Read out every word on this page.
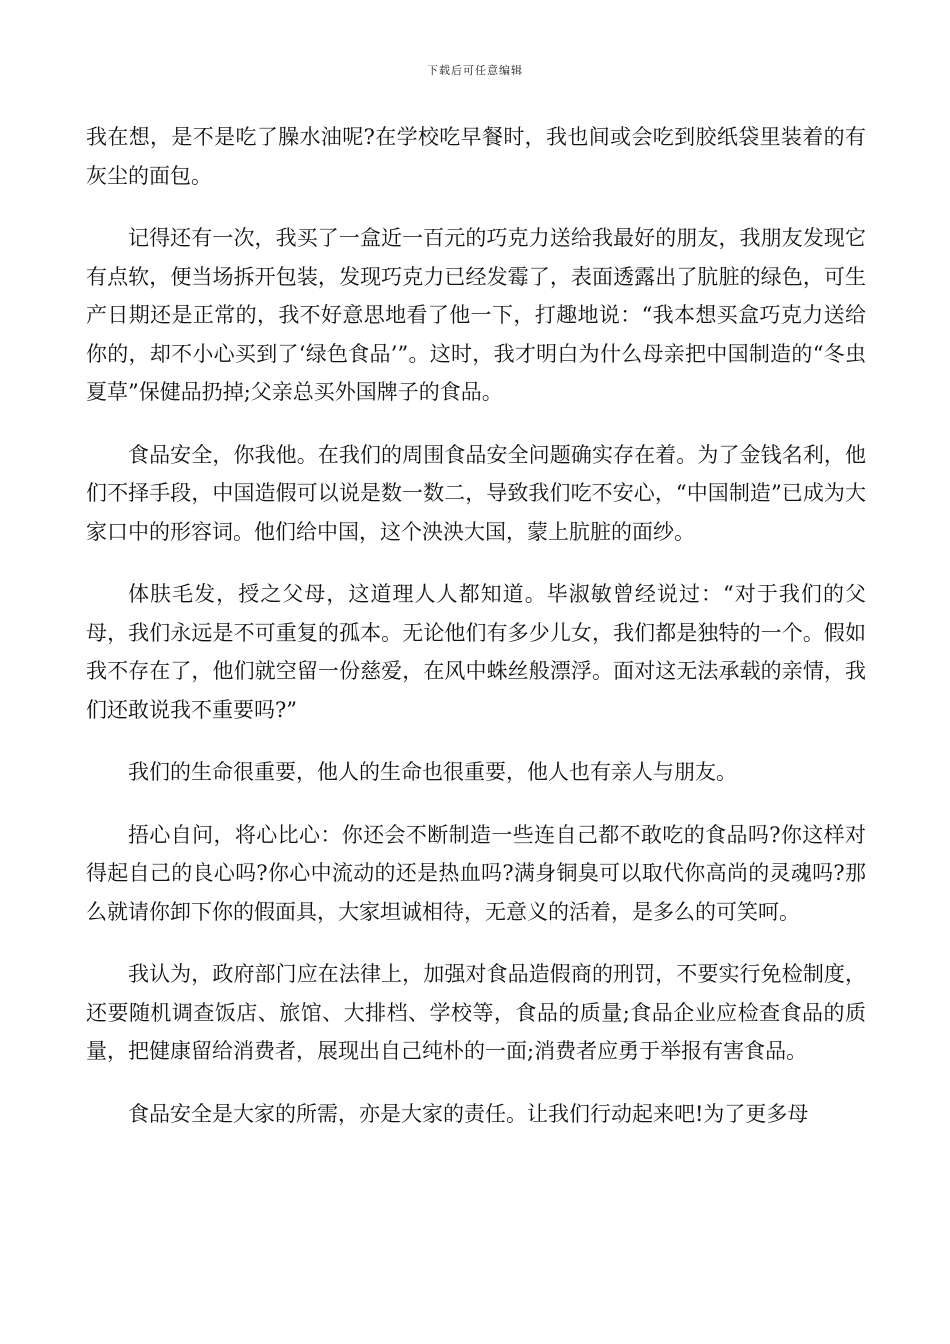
下载后可任意编辑

我在想，是不是吃了臊水油呢?在学校吃早餐时，我也间或会吃到胶纸袋里装着的有灰尘的面包。

记得还有一次，我买了一盒近一百元的巧克力送给我最好的朋友，我朋友发现它有点软，便当场拆开包装，发现巧克力已经发霉了，表面透露出了肮脏的绿色，可生产日期还是正常的，我不好意思地看了他一下，打趣地说：“我本想买盒巧克力送给你的，却不小心买到了‘绿色食品’”。这时，我才明白为什么母亲把中国制造的“冬虫夏草”保健品扔掉;父亲总买外国牌子的食品。

食品安全，你我他。在我们的周围食品安全问题确实存在着。为了金钱名利，他们不择手段，中国造假可以说是数一数二，导致我们吃不安心，“中国制造”已成为大家口中的形容词。他们给中国，这个泱泱大国，蒙上肮脏的面纱。

体肤毛发，授之父母，这道理人人都知道。毕淑敏曾经说过：“对于我们的父母，我们永远是不可重复的孤本。无论他们有多少儿女，我们都是独特的一个。假如我不存在了，他们就空留一份慈爱，在风中蛛丝般漂浮。面对这无法承载的亲情，我们还敢说我不重要吗?”

我们的生命很重要，他人的生命也很重要，他人也有亲人与朋友。

捂心自问，将心比心：你还会不断制造一些连自己都不敢吃的食品吗?你这样对得起自己的良心吗?你心中流动的还是热血吗?满身铜臭可以取代你高尚的灵魂吗?那么就请你卸下你的假面具，大家坦诚相待，无意义的活着，是多么的可笑呵。

我认为，政府部门应在法律上，加强对食品造假商的刑罚，不要实行免检制度，还要随机调查饭店、旅馆、大排档、学校等，食品的质量;食品企业应检查食品的质量，把健康留给消费者，展现出自己纯朴的一面;消费者应勇于举报有害食品。

食品安全是大家的所需，亦是大家的责任。让我们行动起来吧!为了更多母
